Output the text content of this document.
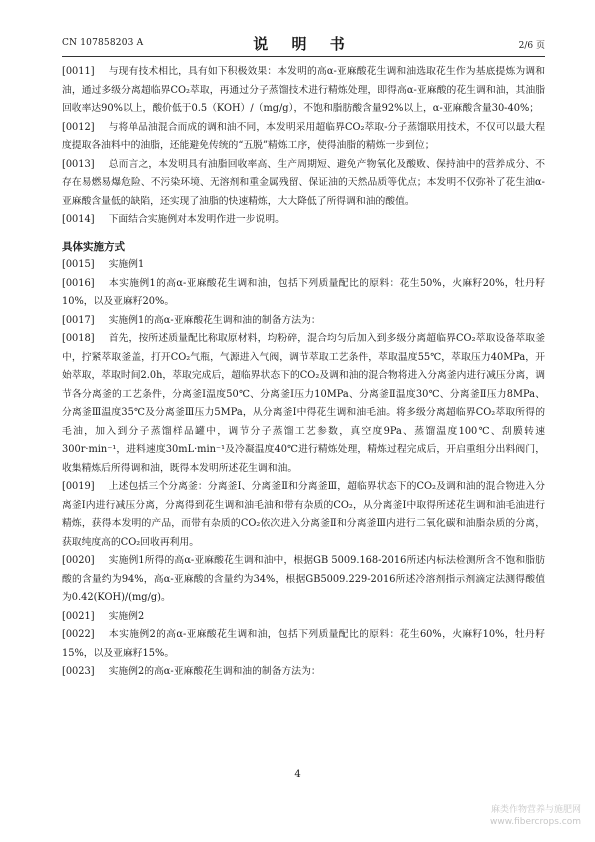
CN 107858203 A	说 明 书	2/6 页
[0011] 与现有技术相比，具有如下积极效果：本发明的高α-亚麻酸花生调和油选取花生作为基底提炼为调和油，通过多级分离超临界CO₂萃取，再通过分子蒸馏技术进行精炼处理，即得高α-亚麻酸的花生调和油，其油脂回收率达90%以上，酸价低于0.5（KOH）/（mg/g），不饱和脂肪酸含量92%以上，α-亚麻酸含量30-40%；
[0012] 与将单品油混合而成的调和油不同，本发明采用超临界CO₂萃取-分子蒸馏联用技术，不仅可以最大程度提取各油料中的油脂，还能避免传统的“五脱”精炼工序，使得油脂的精炼一步到位；
[0013] 总而言之，本发明具有油脂回收率高、生产周期短、避免产物氧化及酸败、保持油中的营养成分、不存在易燃易爆危险、不污染环境、无溶剂和重金属残留、保证油的天然品质等优点；本发明不仅弥补了花生油α-亚麻酸含量低的缺陷，还实现了油脂的快速精炼，大大降低了所得调和油的酸值。
[0014] 下面结合实施例对本发明作进一步说明。
具体实施方式
[0015] 实施例1
[0016] 本实施例1的高α-亚麻酸花生调和油，包括下列质量配比的原料：花生50%，火麻籽20%，牡丹籽10%，以及亚麻籽20%。
[0017] 实施例1的高α-亚麻酸花生调和油的制备方法为：
[0018] 首先，按所述质量配比称取原材料，均粉碎，混合均匀后加入到多级分离超临界CO₂萃取设备萃取釜中，拧紧萃取釜盖，打开CO₂气瓶，气源进入气阀，调节萃取工艺条件，萃取温度55℃，萃取压力40MPa，开始萃取，萃取时间2.0h，萃取完成后，超临界状态下的CO₂及调和油的混合物将进入分离釜内进行减压分离，调节各分离釜的工艺条件，分离釜Ⅰ温度50℃、分离釜Ⅰ压力10MPa、分离釜Ⅱ温度30℃、分离釜Ⅱ压力8MPa、分离釜Ⅲ温度35℃及分离釜Ⅲ压力5MPa，从分离釜Ⅰ中得花生调和油毛油。将多级分离超临界CO₂萃取所得的毛油，加入到分子蒸馏样品罐中，调节分子蒸馏工艺参数，真空度9Pa、蒸馏温度100℃、刮膜转速300r·min⁻¹，进料速度30mL·min⁻¹及冷凝温度40℃进行精炼处理，精炼过程完成后，开启重组分出料阀门，收集精炼后所得调和油，既得本发明所述花生调和油。
[0019] 上述包括三个分离釜：分离釜Ⅰ、分离釜Ⅱ和分离釜Ⅲ，超临界状态下的CO₂及调和油的混合物进入分离釜Ⅰ内进行减压分离，分离得到花生调和油毛油和带有杂质的CO₂，从分离釜Ⅰ中取得所述花生调和油毛油进行精炼，获得本发明的产品，而带有杂质的CO₂依次进入分离釜Ⅱ和分离釜Ⅲ内进行二氧化碳和油脂杂质的分离，获取纯度高的CO₂回收再利用。
[0020] 实施例1所得的高α-亚麻酸花生调和油中，根据GB 5009.168-2016所述内标法检测所含不饱和脂肪酸的含量约为94%，高α-亚麻酸的含量约为34%，根据GB5009.229-2016所述冷溶剂指示剂滴定法测得酸值为0.42(KOH)/(mg/g)。
[0021] 实施例2
[0022] 本实施例2的高α-亚麻酸花生调和油，包括下列质量配比的原料：花生60%，火麻籽10%，牡丹籽15%，以及亚麻籽15%。
[0023] 实施例2的高α-亚麻酸花生调和油的制备方法为：
4
麻类作物营养与施肥网
www.fibercrops.com
